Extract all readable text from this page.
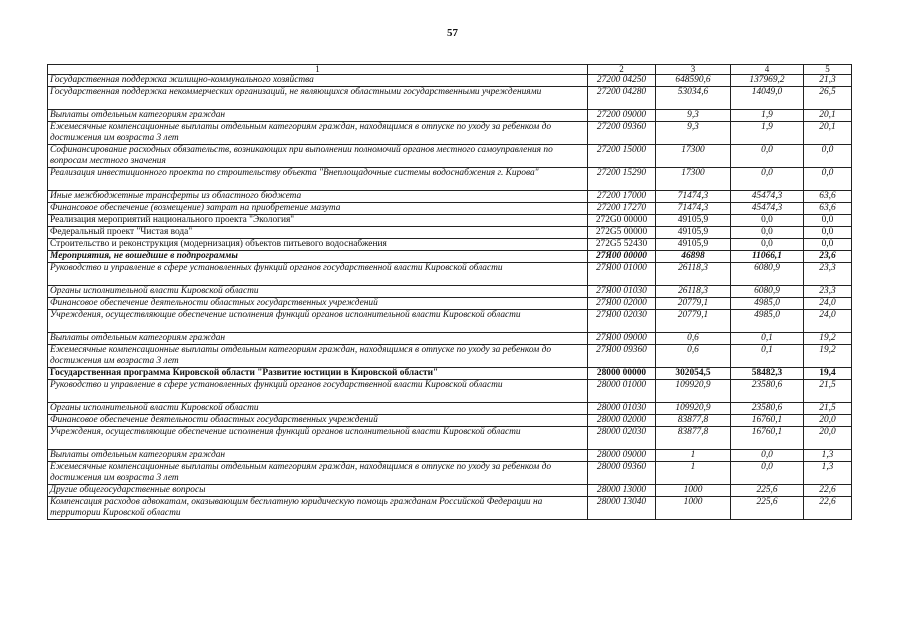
57
1	2	3	4	5
Государственная поддержка жилищно-коммунального хозяйства	27200 04250	648590,6	137969,2	21,3
Государственная поддержка некоммерческих организаций, не являющихся областными государственными учреждениями	27200 04280	53034,6	14049,0	26,5
Выплаты отдельным категориям граждан	27200 09000	9,3	1,9	20,1
Ежемесячные компенсационные выплаты отдельным категориям граждан, находящимся в отпуске по уходу за ребенком до достижения им возраста 3 лет	27200 09360	9,3	1,9	20,1
Софинансирование расходных обязательств, возникающих при выполнении полномочий органов местного самоуправления по вопросам местного значения	27200 15000	17300	0,0	0,0
Реализация инвестиционного проекта по строительству объекта "Внеплощадочные системы водоснабжения г. Кирова"	27200 15290	17300	0,0	0,0
Иные межбюджетные трансферты из областного бюджета	27200 17000	71474,3	45474,3	63,6
Финансовое обеспечение (возмещение) затрат на приобретение мазута	27200 17270	71474,3	45474,3	63,6
Реализация мероприятий национального проекта "Экология"	272G0 00000	49105,9	0,0	0,0
Федеральный проект "Чистая вода"	272G5 00000	49105,9	0,0	0,0
Строительство и реконструкция (модернизация) объектов питьевого водоснабжения	272G5 52430	49105,9	0,0	0,0
Мероприятия, не вошедшие в подпрограммы	27Я00 00000	46898	11066,1	23,6
Руководство и управление в сфере установленных функций органов государственной власти Кировской области	27Я00 01000	26118,3	6080,9	23,3
Органы исполнительной власти Кировской области	27Я00 01030	26118,3	6080,9	23,3
Финансовое обеспечение деятельности областных государственных учреждений	27Я00 02000	20779,1	4985,0	24,0
Учреждения, осуществляющие обеспечение исполнения функций органов исполнительной власти Кировской области	27Я00 02030	20779,1	4985,0	24,0
Выплаты отдельным категориям граждан	27Я00 09000	0,6	0,1	19,2
Ежемесячные компенсационные выплаты отдельным категориям граждан, находящимся в отпуске по уходу за ребенком до достижения им возраста 3 лет	27Я00 09360	0,6	0,1	19,2
Государственная программа Кировской области "Развитие юстиции в Кировской области"	28000 00000	302054,5	58482,3	19,4
Руководство и управление в сфере установленных функций органов государственной власти Кировской области	28000 01000	109920,9	23580,6	21,5
Органы исполнительной власти Кировской области	28000 01030	109920,9	23580,6	21,5
Финансовое обеспечение деятельности областных государственных учреждений	28000 02000	83877,8	16760,1	20,0
Учреждения, осуществляющие обеспечение исполнения функций органов исполнительной власти Кировской области	28000 02030	83877,8	16760,1	20,0
Выплаты отдельным категориям граждан	28000 09000	1	0,0	1,3
Ежемесячные компенсационные выплаты отдельным категориям граждан, находящимся в отпуске по уходу за ребенком до достижения им возраста 3 лет	28000 09360	1	0,0	1,3
Другие общегосударственные вопросы	28000 13000	1000	225,6	22,6
Компенсация расходов адвокатам, оказывающим бесплатную юридическую помощь гражданам Российской Федерации на территории Кировской области	28000 13040	1000	225,6	22,6
